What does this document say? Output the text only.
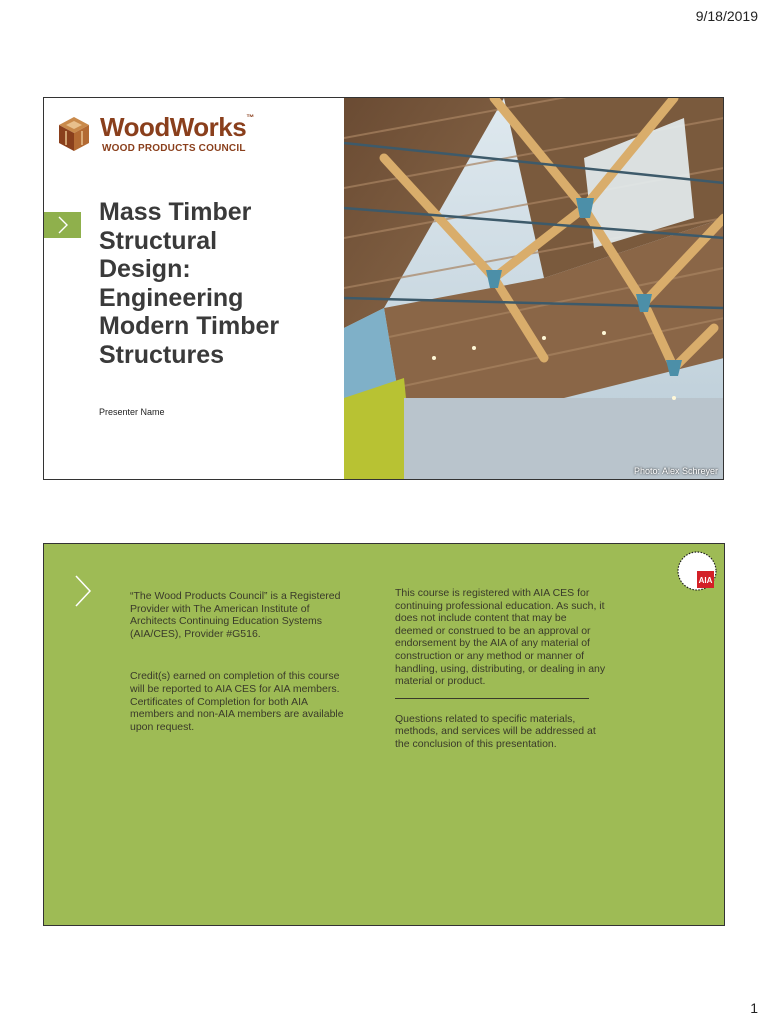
9/18/2019
WoodWorks™
WOOD PRODUCTS COUNCIL
Mass Timber
Structural
Design:
Engineering
Modern Timber
Structures
Presenter Name
Photo: Alex Schreyer

“The Wood Products Council” is a Registered Provider with The American Institute of Architects Continuing Education Systems (AIA/CES), Provider #G516.

Credit(s) earned on completion of this course will be reported to AIA CES for AIA members. Certificates of Completion for both AIA members and non-AIA members are available upon request.

This course is registered with AIA CES for continuing professional education. As such, it does not include content that may be deemed or construed to be an approval or endorsement by the AIA of any material of construction or any method or manner of handling, using, distributing, or dealing in any material or product.

Questions related to specific materials, methods, and services will be addressed at the conclusion of this presentation.

AIA
1
